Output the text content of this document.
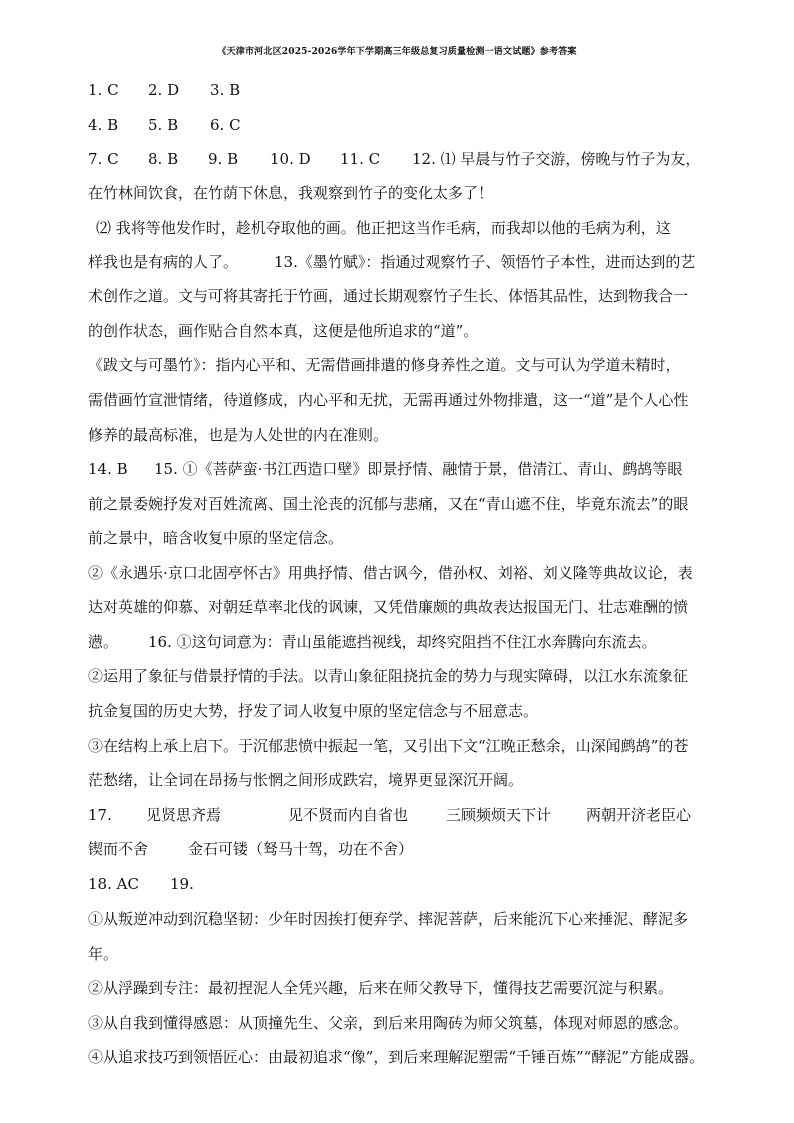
《天津市河北区2025-2026学年下学期高三年级总复习质量检测一语文试题》参考答案
1. C 2. D 3. B
4. B 5. B 6. C
7. C 8. B 9. B 10. D 11. C 12. ⑴ 早晨与竹子交游，傍晚与竹子为友，
在竹林间饮食，在竹荫下休息，我观察到竹子的变化太多了！
⑵ 我将等他发作时，趁机夺取他的画。他正把这当作毛病，而我却以他的毛病为利，这
样我也是有病的人了。 13.《墨竹赋》：指通过观察竹子、领悟竹子本性，进而达到的艺
术创作之道。文与可将其寄托于竹画，通过长期观察竹子生长、体悟其品性，达到物我合一
的创作状态，画作贴合自然本真，这便是他所追求的“道”。
《跋文与可墨竹》：指内心平和、无需借画排遣的修身养性之道。文与可认为学道未精时，
需借画竹宣泄情绪，待道修成，内心平和无扰，无需再通过外物排遣，这一“道”是个人心性
修养的最高标准，也是为人处世的内在准则。
14. B 15. ①《菩萨蛮·书江西造口壁》即景抒情、融情于景，借清江、青山、鹧鸪等眼
前之景委婉抒发对百姓流离、国土沦丧的沉郁与悲痛，又在“青山遮不住，毕竟东流去”的眼
前之景中，暗含收复中原的坚定信念。
②《永遇乐·京口北固亭怀古》用典抒情、借古讽今，借孙权、刘裕、刘义隆等典故议论，表
达对英雄的仰慕、对朝廷草率北伐的讽谏，又凭借廉颇的典故表达报国无门、壮志难酬的愤
懑。 16. ①这句词意为：青山虽能遮挡视线，却终究阻挡不住江水奔腾向东流去。
②运用了象征与借景抒情的手法。以青山象征阻挠抗金的势力与现实障碍，以江水东流象征
抗金复国的历史大势，抒发了词人收复中原的坚定信念与不屈意志。
③在结构上承上启下。于沉郁悲愤中振起一笔，又引出下文“江晚正愁余，山深闻鹧鸪”的苍
茫愁绪，让全词在昂扬与怅惘之间形成跌宕，境界更显深沉开阔。
17. 见贤思齐焉	见不贤而内自省也	三顾频烦天下计 两朝开济老臣心
锲而不舍	金石可镂（驽马十驾，功在不舍）
18. AC 19.
①从叛逆冲动到沉稳坚韧：少年时因挨打便弃学、摔泥菩萨，后来能沉下心来捶泥、酵泥多
年。
②从浮躁到专注：最初捏泥人全凭兴趣，后来在师父教导下，懂得技艺需要沉淀与积累。
③从自我到懂得感恩：从顶撞先生、父亲，到后来用陶砖为师父筑墓，体现对师恩的感念。
④从追求技巧到领悟匠心：由最初追求“像”，到后来理解泥塑需“千锤百炼”“酵泥”方能成器。
